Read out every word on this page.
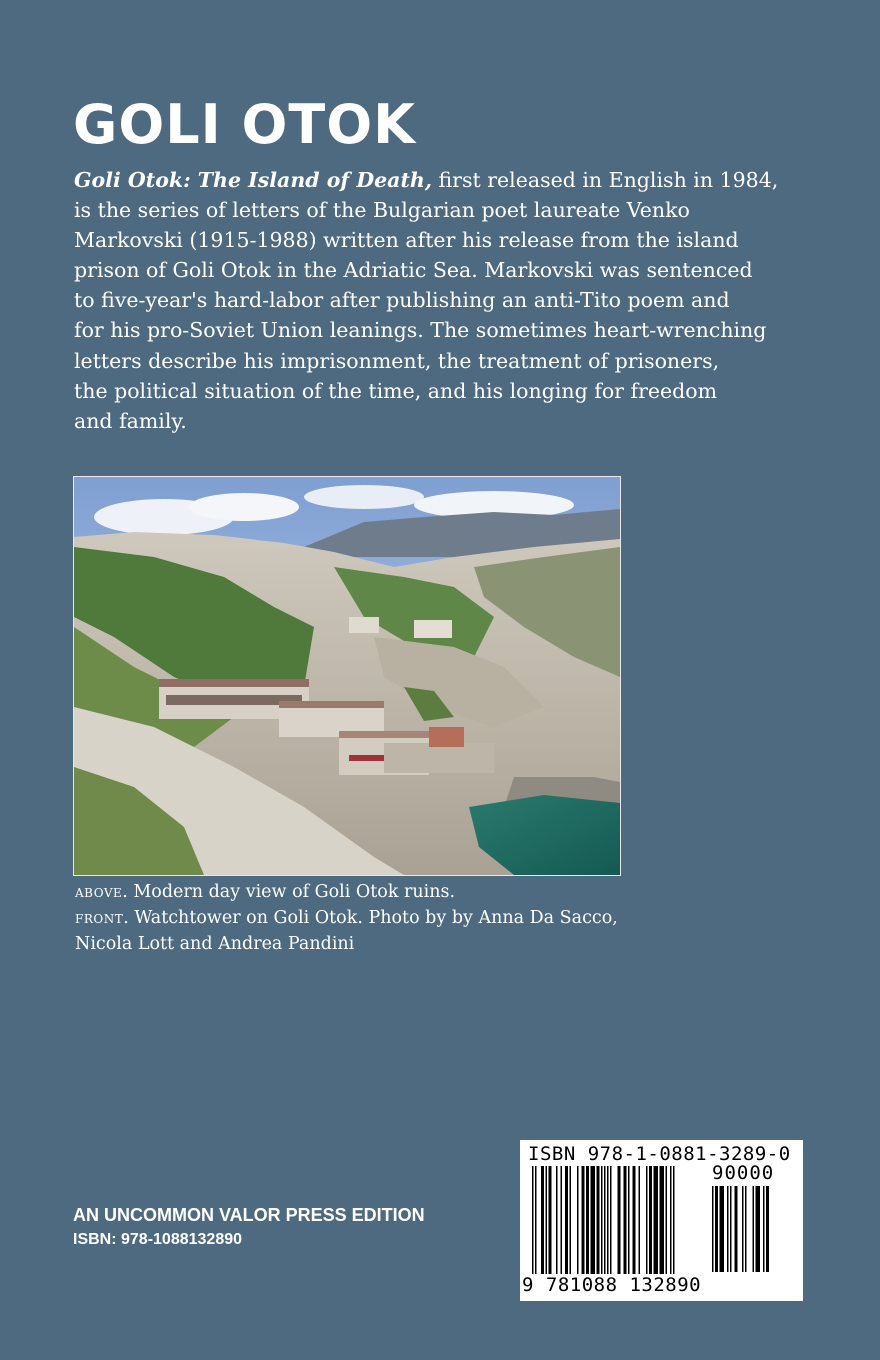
GOLI OTOK

Goli Otok: The Island of Death, first released in English in 1984,
is the series of letters of the Bulgarian poet laureate Venko
Markovski (1915-1988) written after his release from the island
prison of Goli Otok in the Adriatic Sea. Markovski was sentenced
to five-year's hard-labor after publishing an anti-Tito poem and
for his pro-Soviet Union leanings. The sometimes heart-wrenching
letters describe his imprisonment, the treatment of prisoners,
the political situation of the time, and his longing for freedom
and family.

above. Modern day view of Goli Otok ruins.
front. Watchtower on Goli Otok. Photo by by Anna Da Sacco,
Nicola Lott and Andrea Pandini

AN UNCOMMON VALOR PRESS EDITION

ISBN: 978-1088132890

ISBN 978-1-0881-3289-0
90000
9 781088 132890
